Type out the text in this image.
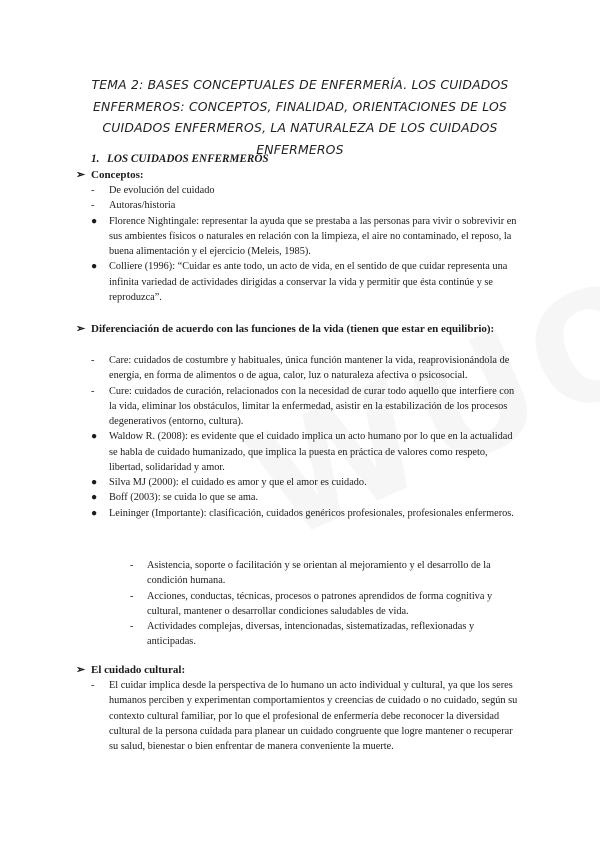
TEMA 2: BASES CONCEPTUALES DE ENFERMERÍA. LOS CUIDADOS ENFERMEROS: CONCEPTOS, FINALIDAD, ORIENTACIONES DE LOS CUIDADOS ENFERMEROS, LA NATURALEZA DE LOS CUIDADOS ENFERMEROS
1. LOS CUIDADOS ENFERMEROS
➢ Conceptos:
- De evolución del cuidado
- Autoras/historia
● Florence Nightingale: representar la ayuda que se prestaba a las personas para vivir o sobrevivir en sus ambientes físicos o naturales en relación con la limpieza, el aire no contaminado, el reposo, la buena alimentación y el ejercicio (Meleis, 1985).
● Colliere (1996): “Cuidar es ante todo, un acto de vida, en el sentido de que cuidar representa una infinita variedad de actividades dirigidas a conservar la vida y permitir que ésta continúe y se reproduzca”.
➢ Diferenciación de acuerdo con las funciones de la vida (tienen que estar en equilibrio):
- Care: cuidados de costumbre y habituales, única función mantener la vida, reaprovisionándola de energía, en forma de alimentos o de agua, calor, luz o naturaleza afectiva o psicosocial.
- Cure: cuidados de curación, relacionados con la necesidad de curar todo aquello que interfiere con la vida, eliminar los obstáculos, limitar la enfermedad, asistir en la estabilización de los procesos degenerativos (entorno, cultura).
● Waldow R. (2008): es evidente que el cuidado implica un acto humano por lo que en la actualidad se habla de cuidado humanizado, que implica la puesta en práctica de valores como respeto, libertad, solidaridad y amor.
● Silva MJ (2000): el cuidado es amor y que el amor es cuidado.
● Boff (2003): se cuida lo que se ama.
● Leininger (Importante): clasificación, cuidados genéricos profesionales, profesionales enfermeros.
- Asistencia, soporte o facilitación y se orientan al mejoramiento y el desarrollo de la condición humana.
- Acciones, conductas, técnicas, procesos o patrones aprendidos de forma cognitiva y cultural, mantener o desarrollar condiciones saludables de vida.
- Actividades complejas, diversas, intencionadas, sistematizadas, reflexionadas y anticipadas.
➢ El cuidado cultural:
- El cuidar implica desde la perspectiva de lo humano un acto individual y cultural, ya que los seres humanos perciben y experimentan comportamientos y creencias de cuidado o no cuidado, según su contexto cultural familiar, por lo que el profesional de enfermería debe reconocer la diversidad cultural de la persona cuidada para planear un cuidado congruente que logre mantener o recuperar su salud, bienestar o bien enfrentar de manera conveniente la muerte.
